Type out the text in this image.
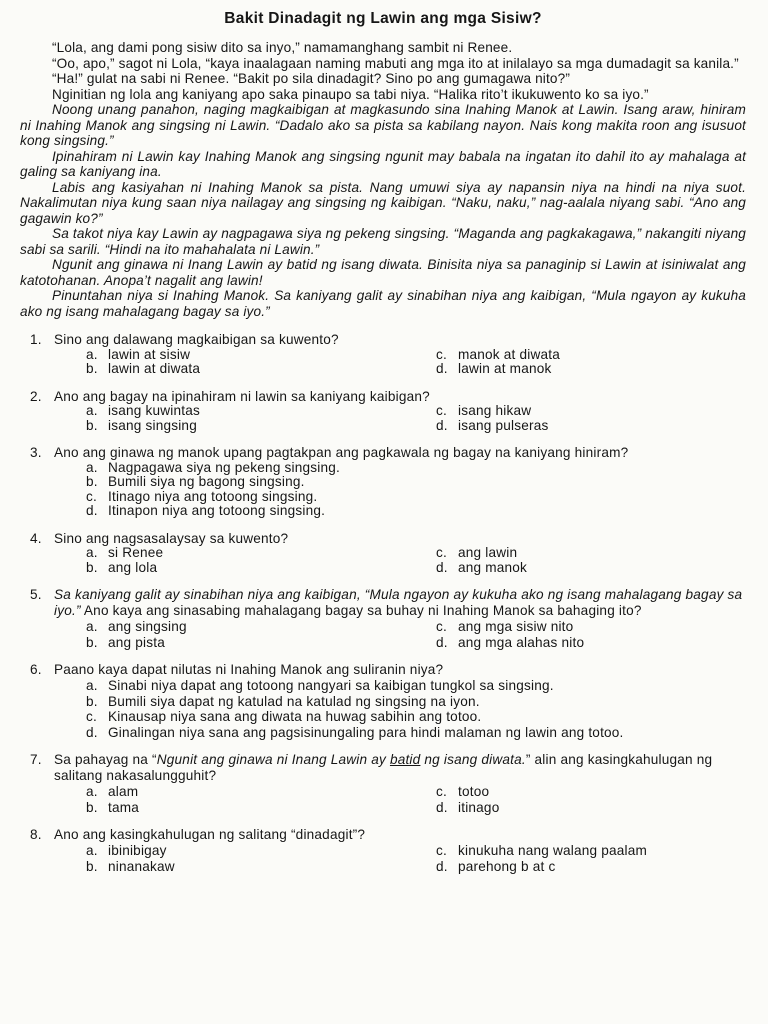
Bakit Dinadagit ng Lawin ang mga Sisiw?

“Lola, ang dami pong sisiw dito sa inyo,” namamanghang sambit ni Renee.

“Oo, apo,” sagot ni Lola, “kaya inaalagaan naming mabuti ang mga ito at inilalayo sa mga dumadagit sa kanila.”

“Ha!” gulat na sabi ni Renee. “Bakit po sila dinadagit? Sino po ang gumagawa nito?”

Nginitian ng lola ang kaniyang apo saka pinaupo sa tabi niya. “Halika rito’t ikukuwento ko sa iyo.”

Noong unang panahon, naging magkaibigan at magkasundo sina Inahing Manok at Lawin. Isang araw, hiniram ni Inahing Manok ang singsing ni Lawin. “Dadalo ako sa pista sa kabilang nayon. Nais kong makita roon ang isusuot kong singsing.”

Ipinahiram ni Lawin kay Inahing Manok ang singsing ngunit may babala na ingatan ito dahil ito ay mahalaga at galing sa kaniyang ina.

Labis ang kasiyahan ni Inahing Manok sa pista. Nang umuwi siya ay napansin niya na hindi na niya suot. Nakalimutan niya kung saan niya nailagay ang singsing ng kaibigan. “Naku, naku,” nag-aalala niyang sabi. “Ano ang gagawin ko?”

Sa takot niya kay Lawin ay nagpagawa siya ng pekeng singsing. “Maganda ang pagkakagawa,” nakangiti niyang sabi sa sarili. “Hindi na ito mahahalata ni Lawin.”

Ngunit ang ginawa ni Inang Lawin ay batid ng isang diwata. Binisita niya sa panaginip si Lawin at isiniwalat ang katotohanan. Anopa’t nagalit ang lawin!

Pinuntahan niya si Inahing Manok. Sa kaniyang galit ay sinabihan niya ang kaibigan, “Mula ngayon ay kukuha ako ng isang mahalagang bagay sa iyo.”

1. Sino ang dalawang magkaibigan sa kuwento?
a. lawin at sisiw	c. manok at diwata
b. lawin at diwata	d. lawin at manok
2. Ano ang bagay na ipinahiram ni lawin sa kaniyang kaibigan?
a. isang kuwintas	c. isang hikaw
b. isang singsing	d. isang pulseras
3. Ano ang ginawa ng manok upang pagtakpan ang pagkawala ng bagay na kaniyang hiniram?
a. Nagpagawa siya ng pekeng singsing.
b. Bumili siya ng bagong singsing.
c. Itinago niya ang totoong singsing.
d. Itinapon niya ang totoong singsing.
4. Sino ang nagsasalaysay sa kuwento?
a. si Renee	c. ang lawin
b. ang lola	d. ang manok
5. Sa kaniyang galit ay sinabihan niya ang kaibigan, “Mula ngayon ay kukuha ako ng isang mahalagang bagay sa iyo.” Ano kaya ang sinasabing mahalagang bagay sa buhay ni Inahing Manok sa bahaging ito?
a. ang singsing	c. ang mga sisiw nito
b. ang pista	d. ang mga alahas nito
6. Paano kaya dapat nilutas ni Inahing Manok ang suliranin niya?
a. Sinabi niya dapat ang totoong nangyari sa kaibigan tungkol sa singsing.
b. Bumili siya dapat ng katulad na katulad ng singsing na iyon.
c. Kinausap niya sana ang diwata na huwag sabihin ang totoo.
d. Ginalingan niya sana ang pagsisinungaling para hindi malaman ng lawin ang totoo.
7. Sa pahayag na “Ngunit ang ginawa ni Inang Lawin ay batid ng isang diwata.” alin ang kasingkahulugan ng salitang nakasalungguhit?
a. alam	c. totoo
b. tama	d. itinago
8. Ano ang kasingkahulugan ng salitang “dinadagit”?
a. ibinibigay	c. kinukuha nang walang paalam
b. ninanakaw	d. parehong b at c
